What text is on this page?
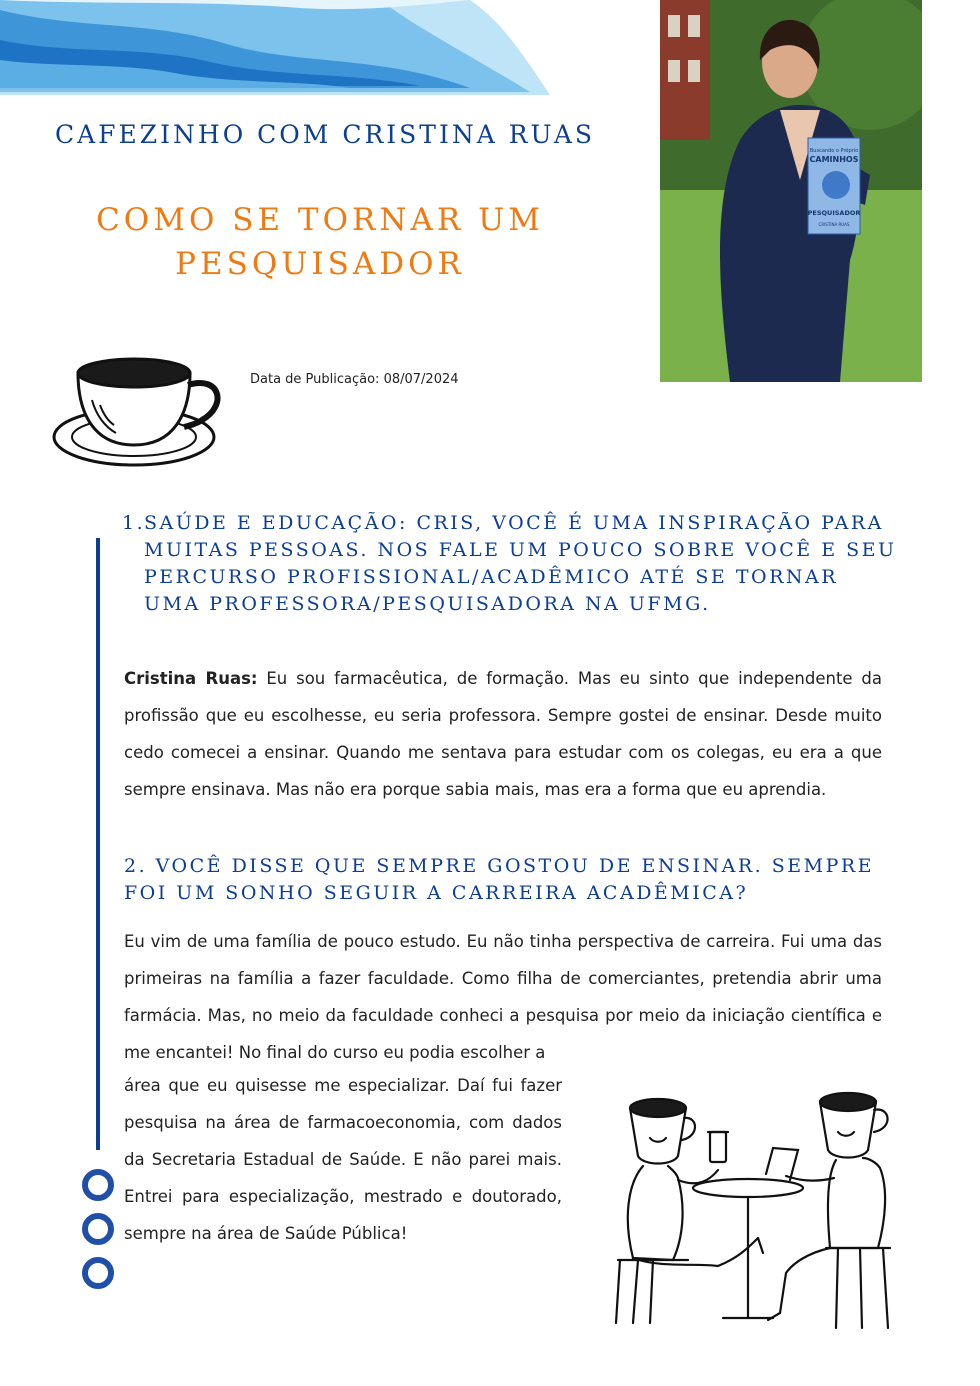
CAFEZINHO COM CRISTINA RUAS
COMO SE TORNAR UM PESQUISADOR
Buscando o Próprio
CAMINHOS
PESQUISADOR
CRISTINA RUAS
Data de Publicação: 08/07/2024
1.
SAÚDE E EDUCAÇÃO: CRIS, VOCÊ É UMA INSPIRAÇÃO PARA MUITAS PESSOAS. NOS FALE UM POUCO SOBRE VOCÊ E SEU PERCURSO PROFISSIONAL/ACADÊMICO ATÉ SE TORNAR UMA PROFESSORA/PESQUISADORA NA UFMG.
Cristina Ruas: Eu sou farmacêutica, de formação. Mas eu sinto que independente da profissão que eu escolhesse, eu seria professora. Sempre gostei de ensinar. Desde muito cedo comecei a ensinar. Quando me sentava para estudar com os colegas, eu era a que sempre ensinava. Mas não era porque sabia mais, mas era a forma que eu aprendia.
2. VOCÊ DISSE QUE SEMPRE GOSTOU DE ENSINAR. SEMPRE FOI UM SONHO SEGUIR A CARREIRA ACADÊMICA?
Eu vim de uma família de pouco estudo. Eu não tinha perspectiva de carreira. Fui uma das primeiras na família a fazer faculdade. Como filha de comerciantes, pretendia abrir uma farmácia. Mas, no meio da faculdade conheci a pesquisa por meio da iniciação científica e me encantei! No final do curso eu podia escolher a
área que eu quisesse me especializar. Daí fui fazer pesquisa na área de farmacoeconomia, com dados da Secretaria Estadual de Saúde. E não parei mais. Entrei para especialização, mestrado e doutorado, sempre na área de Saúde Pública!
